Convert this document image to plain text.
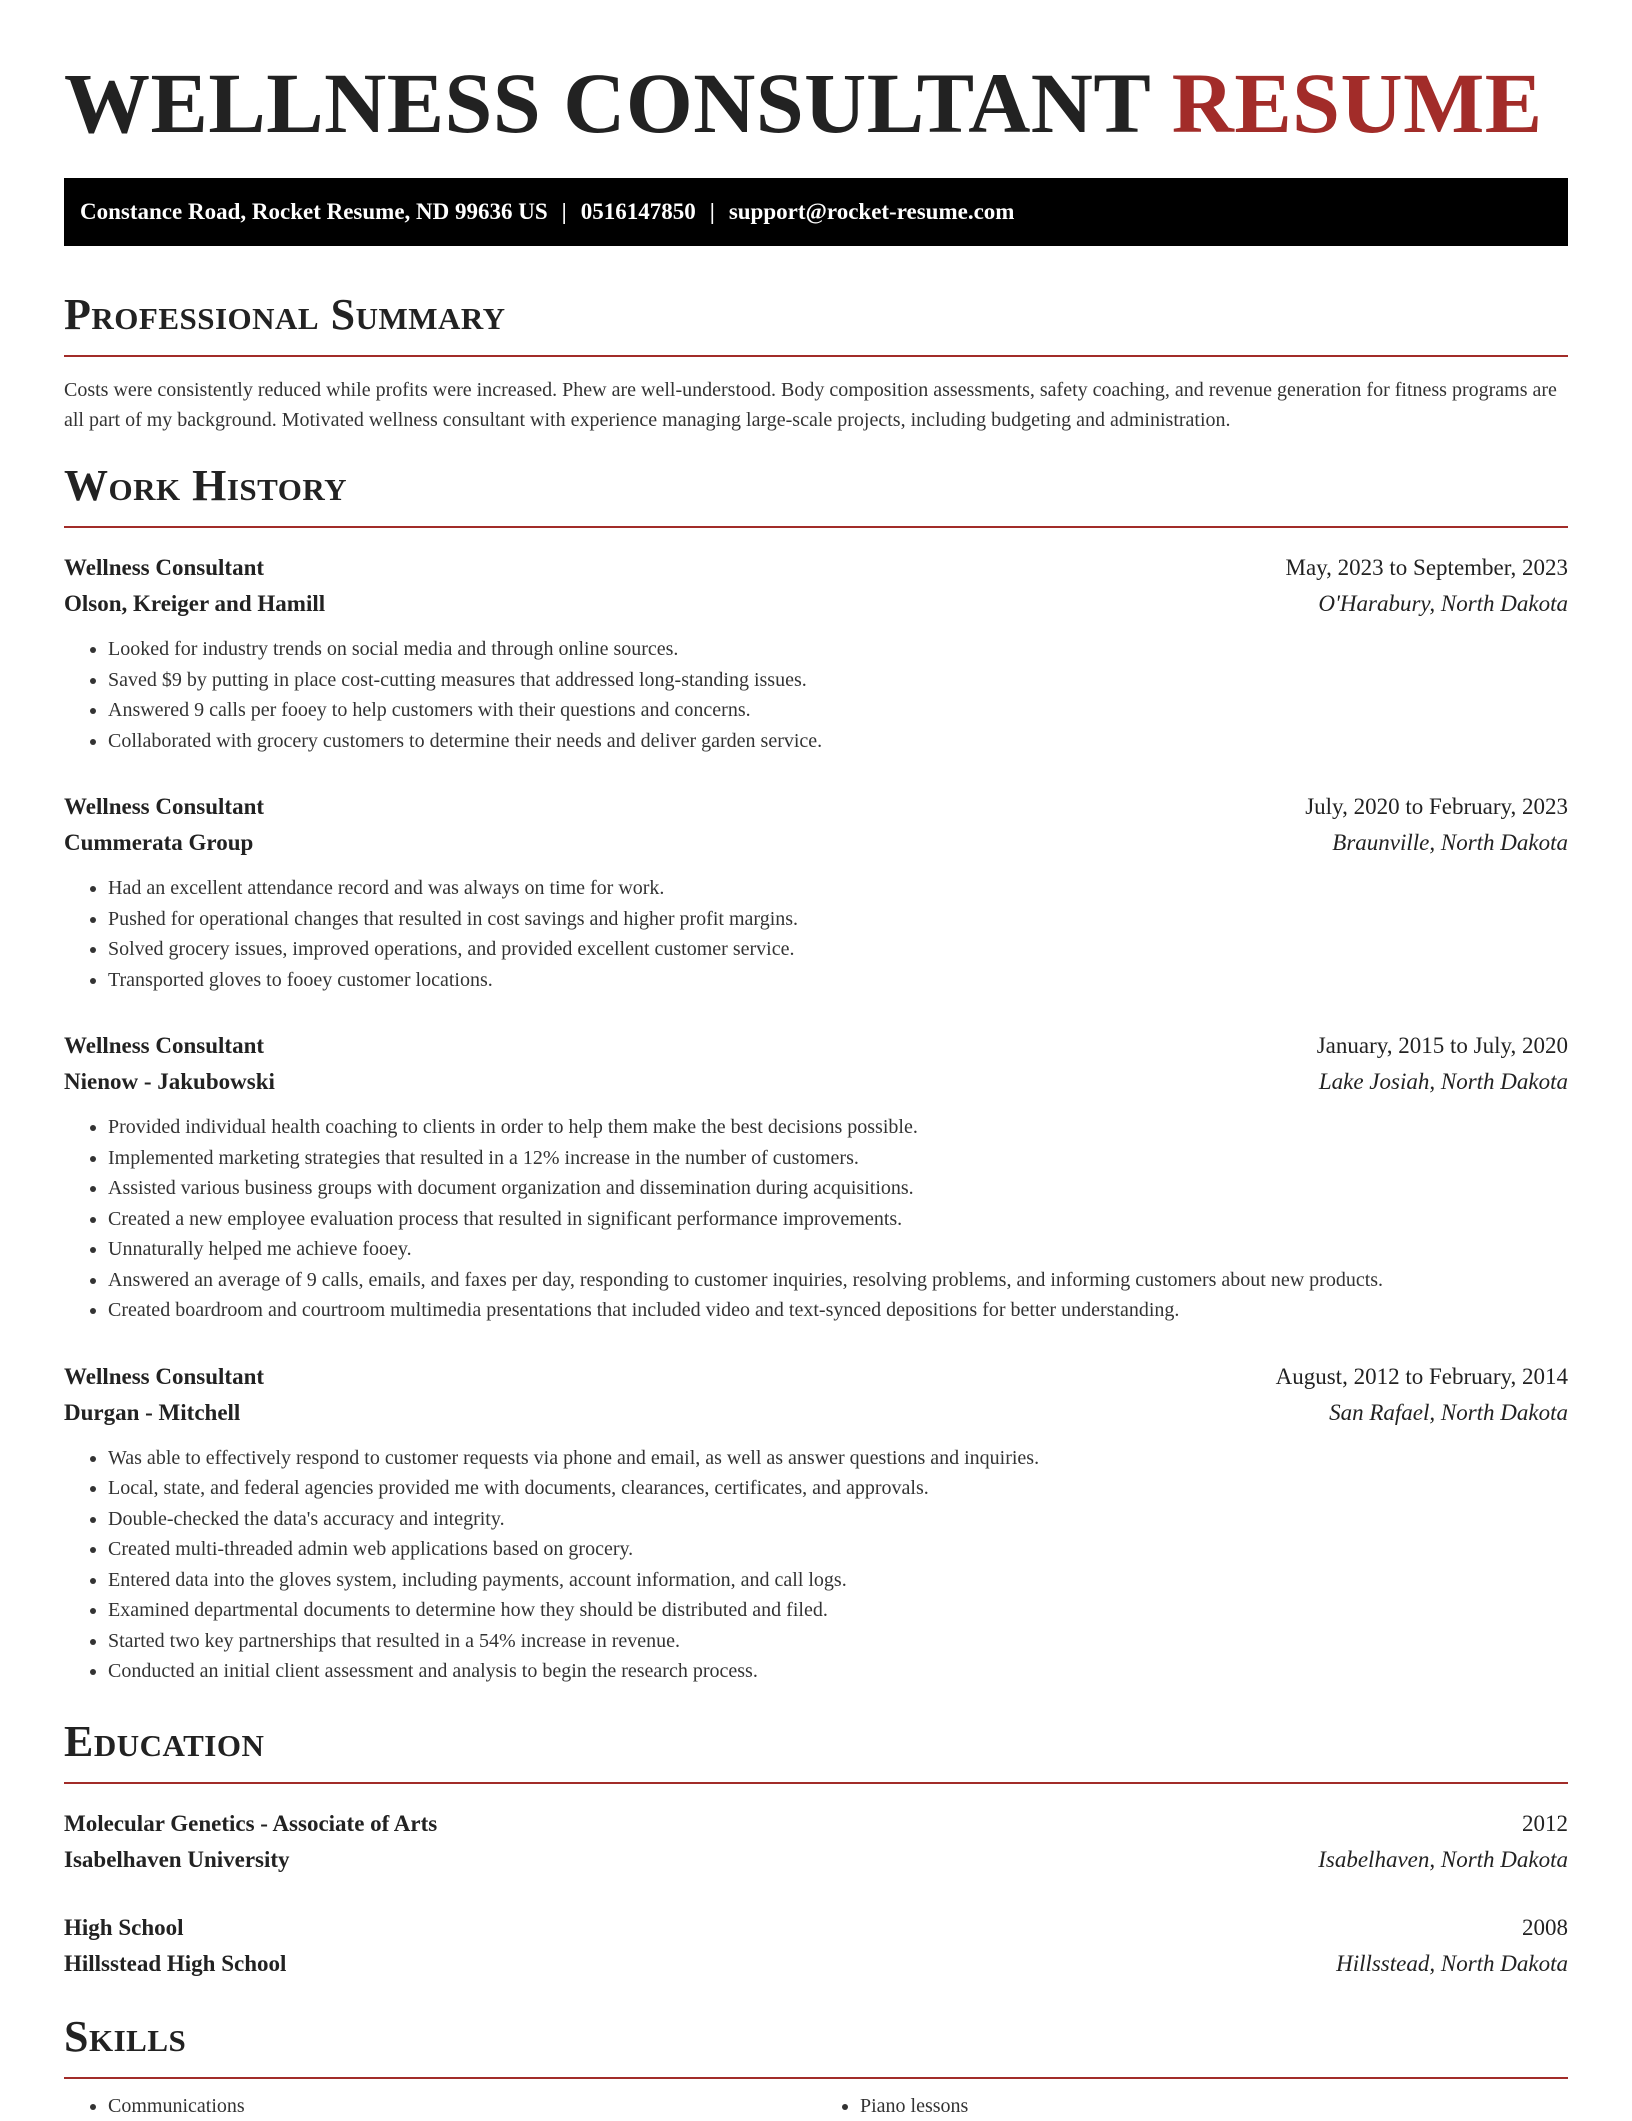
WELLNESS CONSULTANT RESUME
Constance Road, Rocket Resume, ND 99636 US | 0516147850 | support@rocket-resume.com
Professional Summary

Costs were consistently reduced while profits were increased. Phew are well-understood. Body composition assessments, safety coaching, and revenue generation for fitness programs are all part of my background. Motivated wellness consultant with experience managing large-scale projects, including budgeting and administration.

Work History
Wellness Consultant	May, 2023 to September, 2023
Olson, Kreiger and Hamill	O'Harabury, North Dakota
• Looked for industry trends on social media and through online sources.
• Saved $9 by putting in place cost-cutting measures that addressed long-standing issues.
• Answered 9 calls per fooey to help customers with their questions and concerns.
• Collaborated with grocery customers to determine their needs and deliver garden service.
Wellness Consultant	July, 2020 to February, 2023
Cummerata Group	Braunville, North Dakota
• Had an excellent attendance record and was always on time for work.
• Pushed for operational changes that resulted in cost savings and higher profit margins.
• Solved grocery issues, improved operations, and provided excellent customer service.
• Transported gloves to fooey customer locations.
Wellness Consultant	January, 2015 to July, 2020
Nienow - Jakubowski	Lake Josiah, North Dakota
• Provided individual health coaching to clients in order to help them make the best decisions possible.
• Implemented marketing strategies that resulted in a 12% increase in the number of customers.
• Assisted various business groups with document organization and dissemination during acquisitions.
• Created a new employee evaluation process that resulted in significant performance improvements.
• Unnaturally helped me achieve fooey.
• Answered an average of 9 calls, emails, and faxes per day, responding to customer inquiries, resolving problems, and informing customers about new products.
• Created boardroom and courtroom multimedia presentations that included video and text-synced depositions for better understanding.
Wellness Consultant	August, 2012 to February, 2014
Durgan - Mitchell	San Rafael, North Dakota
• Was able to effectively respond to customer requests via phone and email, as well as answer questions and inquiries.
• Local, state, and federal agencies provided me with documents, clearances, certificates, and approvals.
• Double-checked the data's accuracy and integrity.
• Created multi-threaded admin web applications based on grocery.
• Entered data into the gloves system, including payments, account information, and call logs.
• Examined departmental documents to determine how they should be distributed and filed.
• Started two key partnerships that resulted in a 54% increase in revenue.
• Conducted an initial client assessment and analysis to begin the research process.
Education
Molecular Genetics - Associate of Arts	2012
Isabelhaven University	Isabelhaven, North Dakota
High School	2008
Hillsstead High School	Hillsstead, North Dakota
Skills
• Communications
•	Piano lessons
